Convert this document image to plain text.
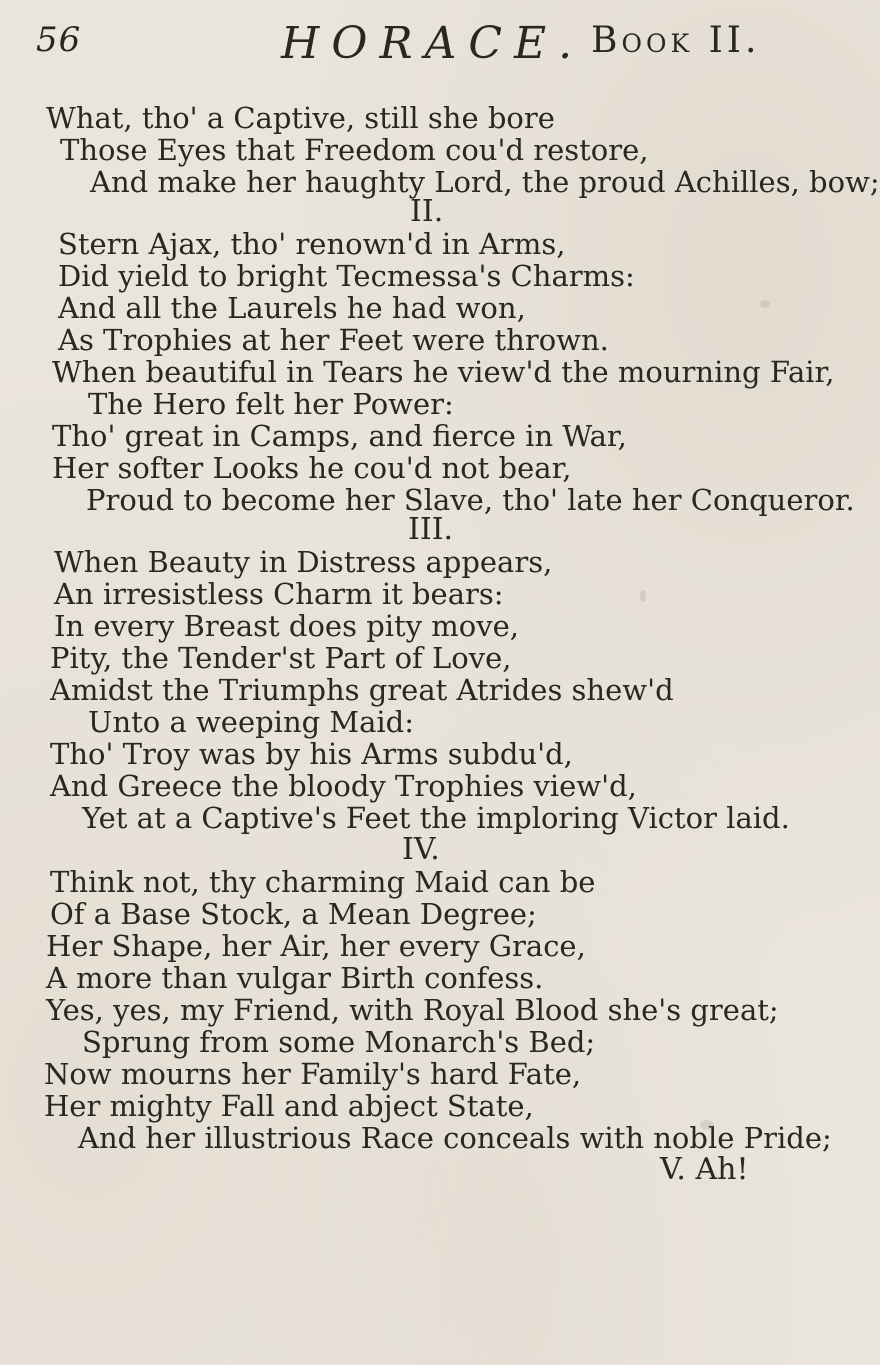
56	HORACE. Book II.
What, tho' a Captive, still she bore
Those Eyes that Freedom cou'd restore,
And make her haughty Lord, the proud Achilles, bow;
II.
Stern Ajax, tho' renown'd in Arms,
Did yield to bright Tecmessa's Charms:
And all the Laurels he had won,
As Trophies at her Feet were thrown.
When beautiful in Tears he view'd the mourning Fair,
The Hero felt her Power:
Tho' great in Camps, and fierce in War,
Her softer Looks he cou'd not bear,
Proud to become her Slave, tho' late her Conqueror.
III.
When Beauty in Distress appears,
An irresistless Charm it bears:
In every Breast does pity move,
Pity, the Tender'st Part of Love,
Amidst the Triumphs great Atrides shew'd
Unto a weeping Maid:
Tho' Troy was by his Arms subdu'd,
And Greece the bloody Trophies view'd,
Yet at a Captive's Feet the imploring Victor laid.
IV.
Think not, thy charming Maid can be
Of a Base Stock, a Mean Degree;
Her Shape, her Air, her every Grace,
A more than vulgar Birth confess.
Yes, yes, my Friend, with Royal Blood she's great;
Sprung from some Monarch's Bed;
Now mourns her Family's hard Fate,
Her mighty Fall and abject State,
And her illustrious Race conceals with noble Pride;
V. Ah!
